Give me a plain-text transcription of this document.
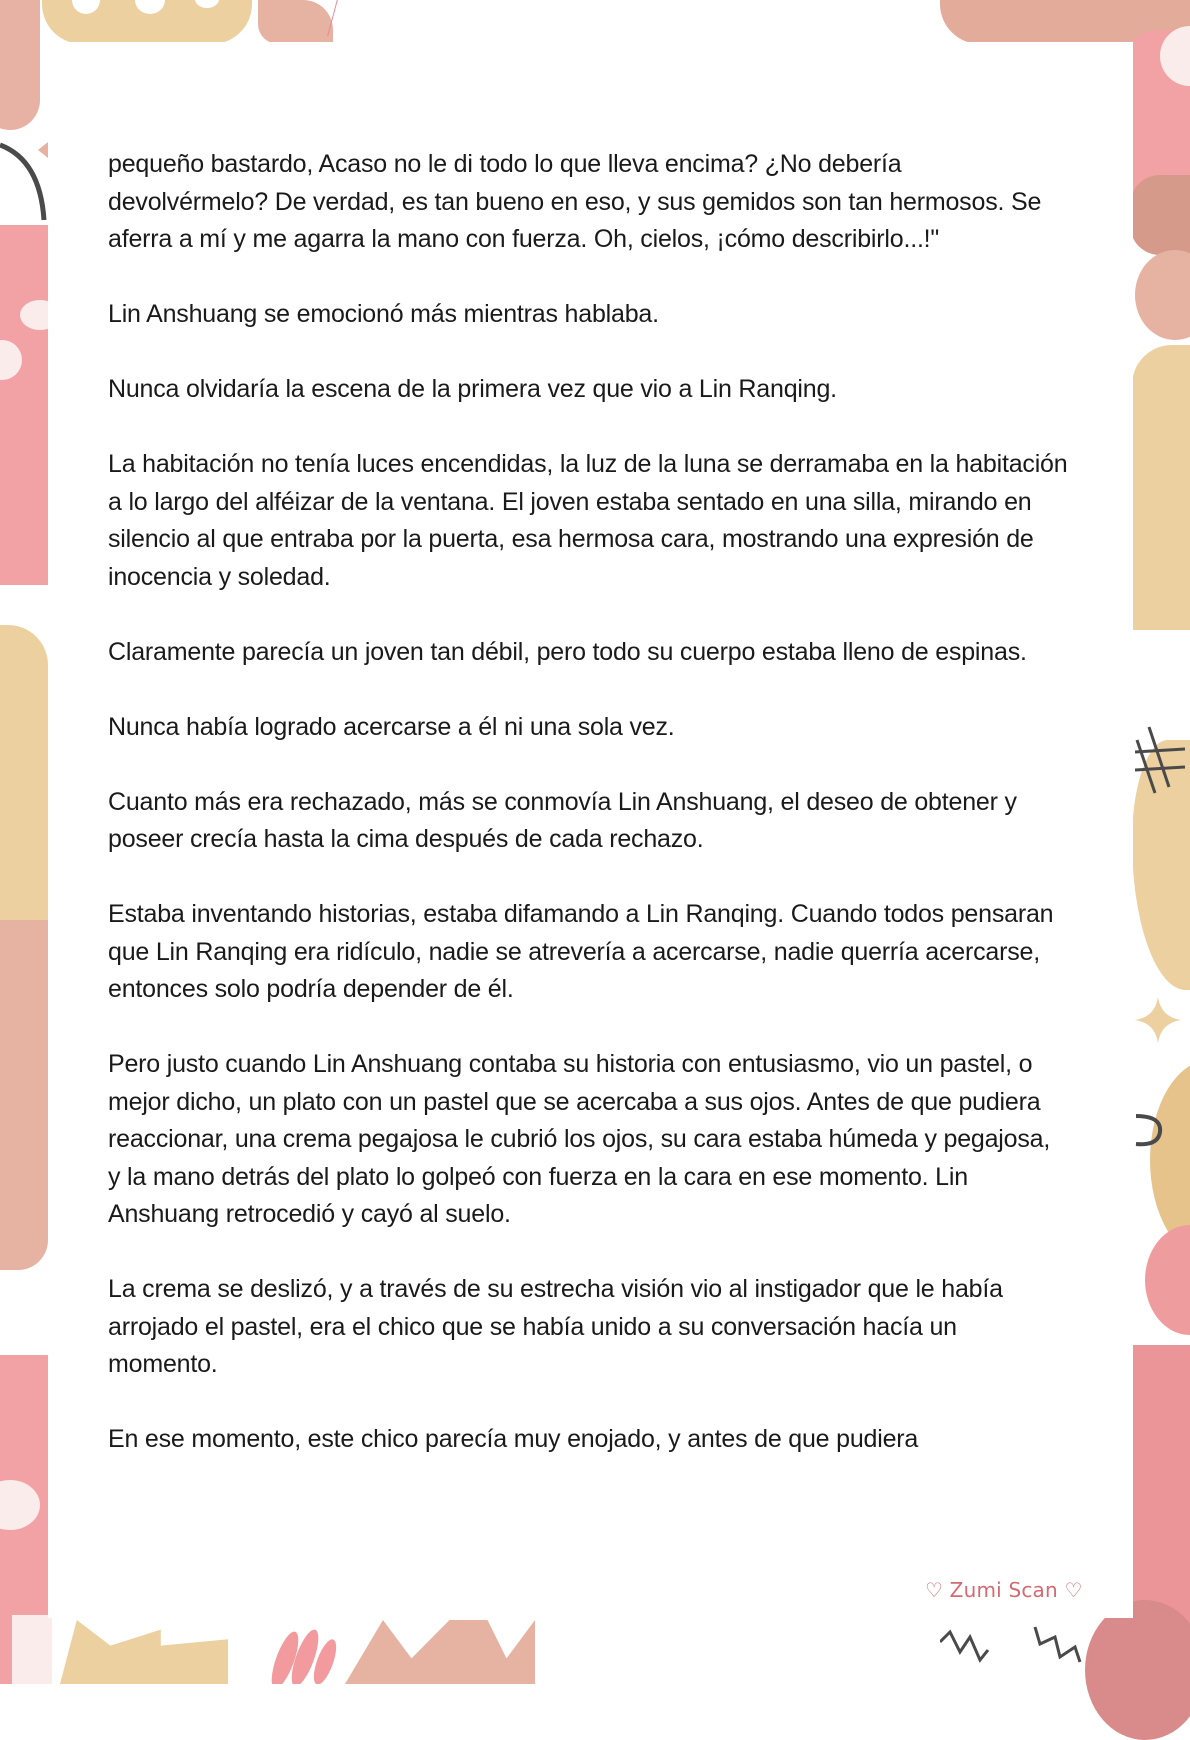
pequeño bastardo, Acaso no le di todo lo que lleva encima? ¿No debería devolvérmelo? De verdad, es tan bueno en eso, y sus gemidos son tan hermosos. Se aferra a mí y me agarra la mano con fuerza. Oh, cielos, ¡cómo describirlo...!"

Lin Anshuang se emocionó más mientras hablaba.

Nunca olvidaría la escena de la primera vez que vio a Lin Ranqing.

La habitación no tenía luces encendidas, la luz de la luna se derramaba en la habitación a lo largo del alféizar de la ventana. El joven estaba sentado en una silla, mirando en silencio al que entraba por la puerta, esa hermosa cara, mostrando una expresión de inocencia y soledad.

Claramente parecía un joven tan débil, pero todo su cuerpo estaba lleno de espinas.

Nunca había logrado acercarse a él ni una sola vez.

Cuanto más era rechazado, más se conmovía Lin Anshuang, el deseo de obtener y poseer crecía hasta la cima después de cada rechazo.

Estaba inventando historias, estaba difamando a Lin Ranqing. Cuando todos pensaran que Lin Ranqing era ridículo, nadie se atrevería a acercarse, nadie querría acercarse, entonces solo podría depender de él.

Pero justo cuando Lin Anshuang contaba su historia con entusiasmo, vio un pastel, o mejor dicho, un plato con un pastel que se acercaba a sus ojos. Antes de que pudiera reaccionar, una crema pegajosa le cubrió los ojos, su cara estaba húmeda y pegajosa, y la mano detrás del plato lo golpeó con fuerza en la cara en ese momento. Lin Anshuang retrocedió y cayó al suelo.

La crema se deslizó, y a través de su estrecha visión vio al instigador que le había arrojado el pastel, era el chico que se había unido a su conversación hacía un momento.

En ese momento, este chico parecía muy enojado, y antes de que pudiera

♡ Zumi Scan ♡
